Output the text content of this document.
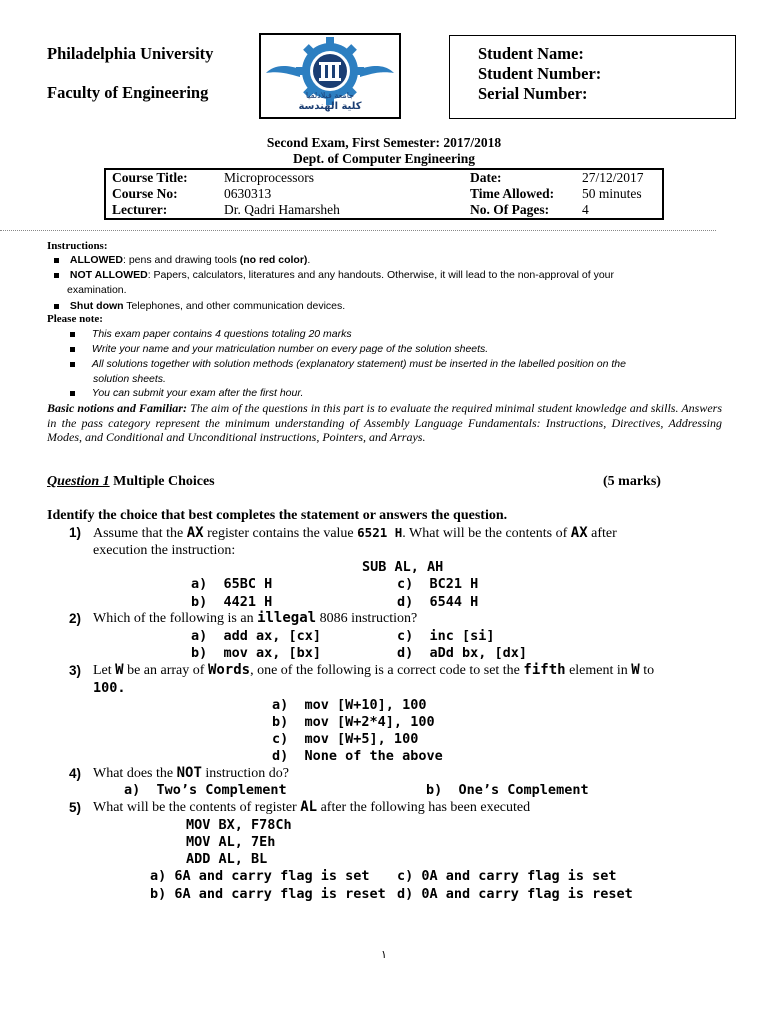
Philadelphia University
Faculty of Engineering	جامعة فيلادلفيا
كلية الهندسة
Student Name:
Student Number:
Serial Number:
Second Exam, First Semester: 2017/2018
Dept. of Computer Engineering
Course Title:	Microprocessors	Date:	27/12/2017
Course No:	0630313	Time Allowed:	50 minutes
Lecturer:	Dr. Qadri Hamarsheh	No. Of Pages:	4
Instructions:
ALLOWED: pens and drawing tools (no red color).
NOT ALLOWED: Papers, calculators, literatures and any handouts. Otherwise, it will lead to the non-approval of your
examination.
Shut down Telephones, and other communication devices.
Please note:
This exam paper contains 4 questions totaling 20 marks
Write your name and your matriculation number on every page of the solution sheets.
All solutions together with solution methods (explanatory statement) must be inserted in the labelled position on the
solution sheets.
You can submit your exam after the first hour.
Basic notions and Familiar: The aim of the questions in this part is to evaluate the required minimal student knowledge and skills. Answers in the pass category represent the minimum understanding of Assembly Language Fundamentals: Instructions, Directives, Addressing Modes, and Conditional and Unconditional instructions, Pointers, and Arrays.
Question 1 Multiple Choices	(5 marks)
Identify the choice that best completes the statement or answers the question.
1) Assume that the AX register contains the value 6521 H. What will be the contents of AX after
execution the instruction:
SUB AL, AH
a) 65BC H	c) BC21 H
b) 4421 H	d) 6544 H
2) Which of the following is an illegal 8086 instruction?
a) add ax, [cx]	c) inc [si]
b) mov ax, [bx]	d) aDd bx, [dx]
3) Let W be an array of Words, one of the following is a correct code to set the fifth element in W to
100.
a) mov [W+10], 100
b) mov [W+2*4], 100
c) mov [W+5], 100
d) None of the above
4) What does the NOT instruction do?
a) Two’s Complement	b) One’s Complement
5) What will be the contents of register AL after the following has been executed
MOV BX, F78Ch
MOV AL, 7Eh
ADD AL, BL
a) 6A and carry flag is set c) 0A and carry flag is set
b) 6A and carry flag is reset d) 0A and carry flag is reset
١
